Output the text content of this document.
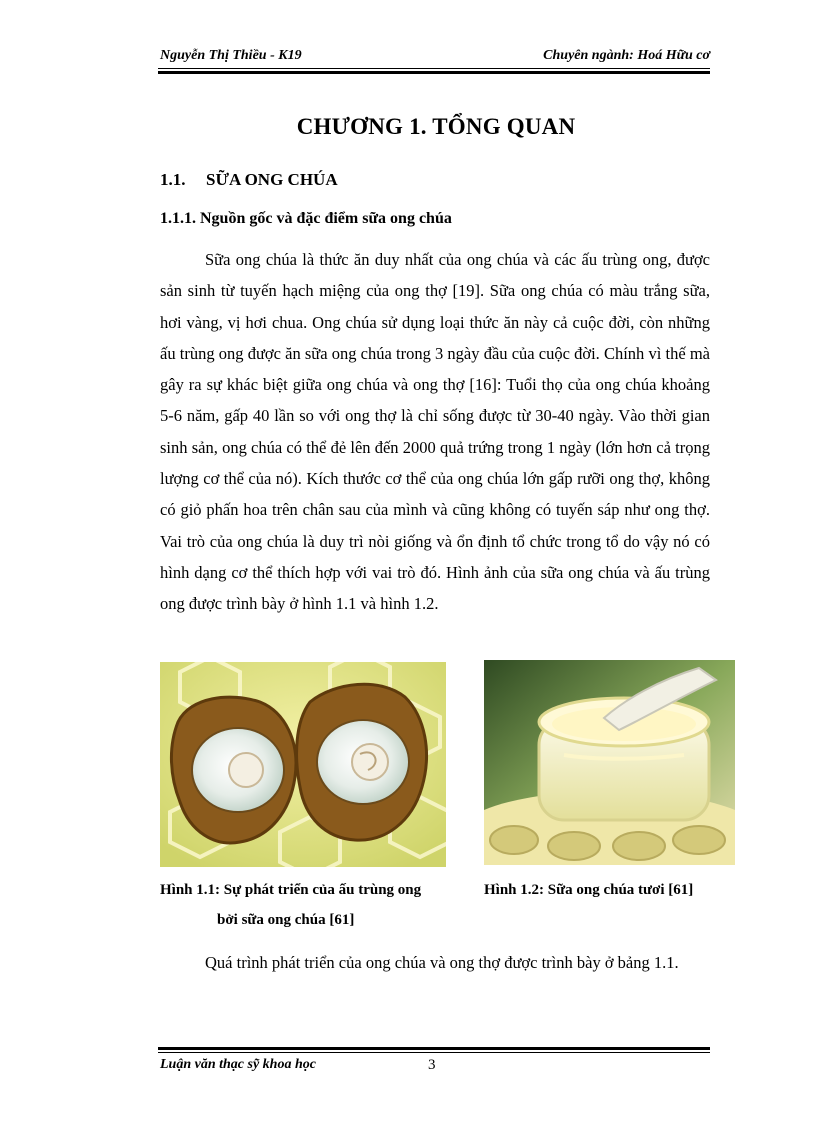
Nguyễn Thị Thiều - K19	Chuyên ngành: Hoá Hữu cơ
CHƯƠNG 1. TỔNG QUAN
1.1. SỮA ONG CHÚA
1.1.1. Nguồn gốc và đặc điểm sữa ong chúa

Sữa ong chúa là thức ăn duy nhất của ong chúa và các ấu trùng ong, được sản sinh từ tuyến hạch miệng của ong thợ [19]. Sữa ong chúa có màu trắng sữa, hơi vàng, vị hơi chua. Ong chúa sử dụng loại thức ăn này cả cuộc đời, còn những ấu trùng ong được ăn sữa ong chúa trong 3 ngày đầu của cuộc đời. Chính vì thế mà gây ra sự khác biệt giữa ong chúa và ong thợ [16]: Tuổi thọ của ong chúa khoảng 5-6 năm, gấp 40 lần so với ong thợ là chỉ sống được từ 30-40 ngày. Vào thời gian sinh sản, ong chúa có thể đẻ lên đến 2000 quả trứng trong 1 ngày (lớn hơn cả trọng lượng cơ thể của nó). Kích thước cơ thể của ong chúa lớn gấp rưỡi ong thợ, không có giỏ phấn hoa trên chân sau của mình và cũng không có tuyến sáp như ong thợ. Vai trò của ong chúa là duy trì nòi giống và ổn định tổ chức trong tổ do vậy nó có hình dạng cơ thể thích hợp với vai trò đó. Hình ảnh của sữa ong chúa và ấu trùng ong được trình bày ở hình 1.1 và hình 1.2.

Hình 1.1: Sự phát triển của ấu trùng ong
bởi sữa ong chúa [61]
Hình 1.2: Sữa ong chúa tươi [61]
Quá trình phát triển của ong chúa và ong thợ được trình bày ở bảng 1.1.
Luận văn thạc sỹ khoa học	3
